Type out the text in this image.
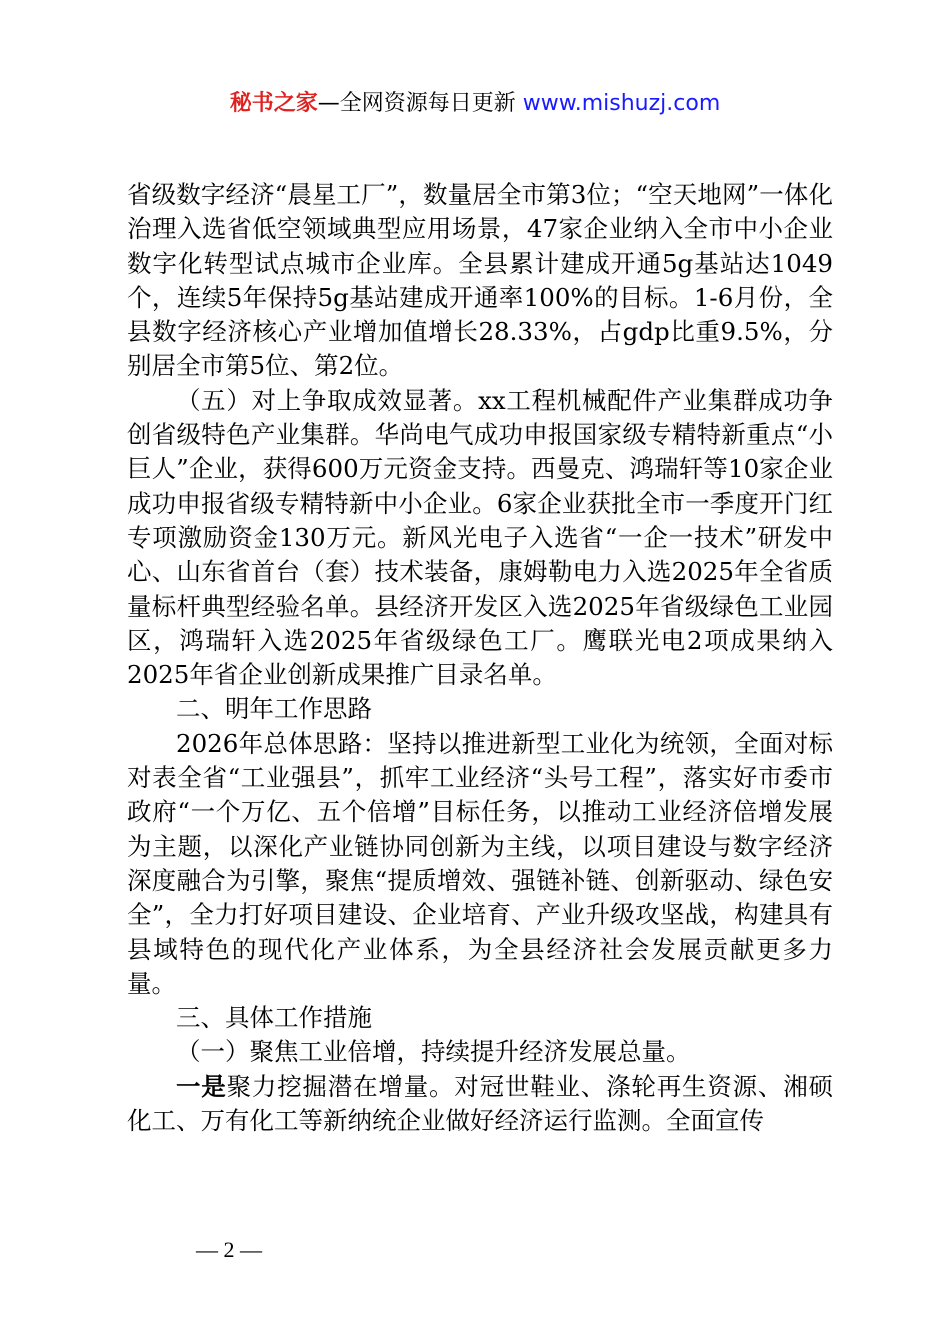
秘书之家—全网资源每日更新 www.mishuzj.com

省级数字经济“晨星工厂”，数量居全市第3位；“空天地网”一体化治理入选省低空领域典型应用场景，47家企业纳入全市中小企业数字化转型试点城市企业库。全县累计建成开通5g基站达1049个，连续5年保持5g基站建成开通率100%的目标。1-6月份，全县数字经济核心产业增加值增长28.33%，占gdp比重9.5%，分别居全市第5位、第2位。

（五）对上争取成效显著。xx工程机械配件产业集群成功争创省级特色产业集群。华尚电气成功申报国家级专精特新重点“小巨人”企业，获得600万元资金支持。西曼克、鸿瑞轩等10家企业成功申报省级专精特新中小企业。6家企业获批全市一季度开门红专项激励资金130万元。新风光电子入选省“一企一技术”研发中心、山东省首台（套）技术装备，康姆勒电力入选2025年全省质量标杆典型经验名单。县经济开发区入选2025年省级绿色工业园区，鸿瑞轩入选2025年省级绿色工厂。鹰联光电2项成果纳入2025年省企业创新成果推广目录名单。

二、明年工作思路

2026年总体思路：坚持以推进新型工业化为统领，全面对标对表全省“工业强县”，抓牢工业经济“头号工程”，落实好市委市政府“一个万亿、五个倍增”目标任务，以推动工业经济倍增发展为主题，以深化产业链协同创新为主线，以项目建设与数字经济深度融合为引擎，聚焦“提质增效、强链补链、创新驱动、绿色安全”，全力打好项目建设、企业培育、产业升级攻坚战，构建具有县域特色的现代化产业体系，为全县经济社会发展贡献更多力量。

三、具体工作措施

（一）聚焦工业倍增，持续提升经济发展总量。

一是聚力挖掘潜在增量。对冠世鞋业、涤轮再生资源、湘硕化工、万有化工等新纳统企业做好经济运行监测。全面宣传

— 2 —
